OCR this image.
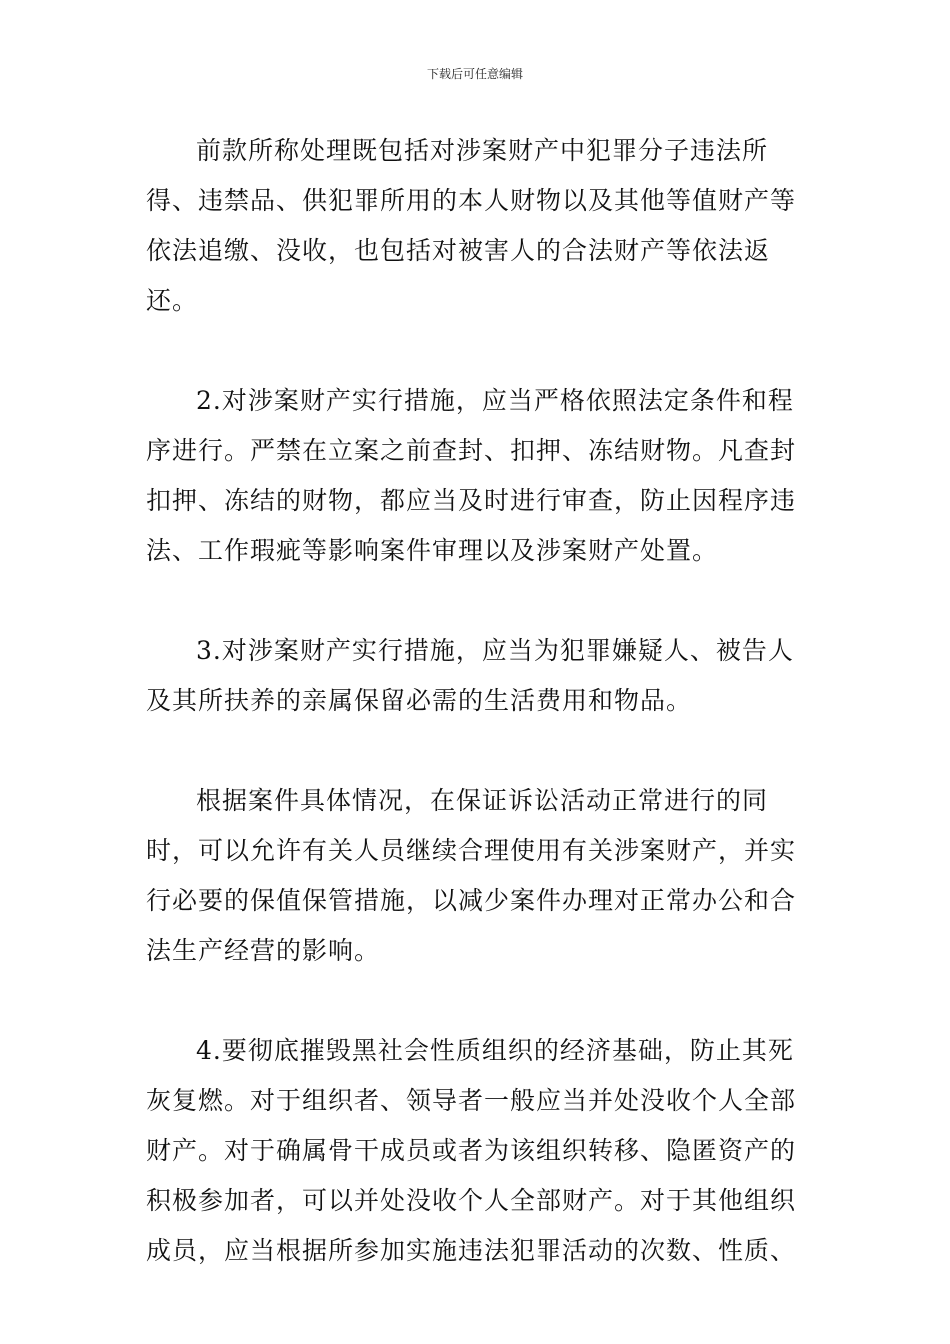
下载后可任意编辑
前款所称处理既包括对涉案财产中犯罪分子违法所得、违禁品、供犯罪所用的本人财物以及其他等值财产等依法追缴、没收，也包括对被害人的合法财产等依法返还。
2.对涉案财产实行措施，应当严格依照法定条件和程序进行。严禁在立案之前查封、扣押、冻结财物。凡查封扣押、冻结的财物，都应当及时进行审查，防止因程序违法、工作瑕疵等影响案件审理以及涉案财产处置。
3.对涉案财产实行措施，应当为犯罪嫌疑人、被告人及其所扶养的亲属保留必需的生活费用和物品。
根据案件具体情况，在保证诉讼活动正常进行的同时，可以允许有关人员继续合理使用有关涉案财产，并实行必要的保值保管措施，以减少案件办理对正常办公和合法生产经营的影响。
4.要彻底摧毁黑社会性质组织的经济基础，防止其死灰复燃。对于组织者、领导者一般应当并处没收个人全部财产。对于确属骨干成员或者为该组织转移、隐匿资产的积极参加者，可以并处没收个人全部财产。对于其他组织成员，应当根据所参加实施违法犯罪活动的次数、性质、
